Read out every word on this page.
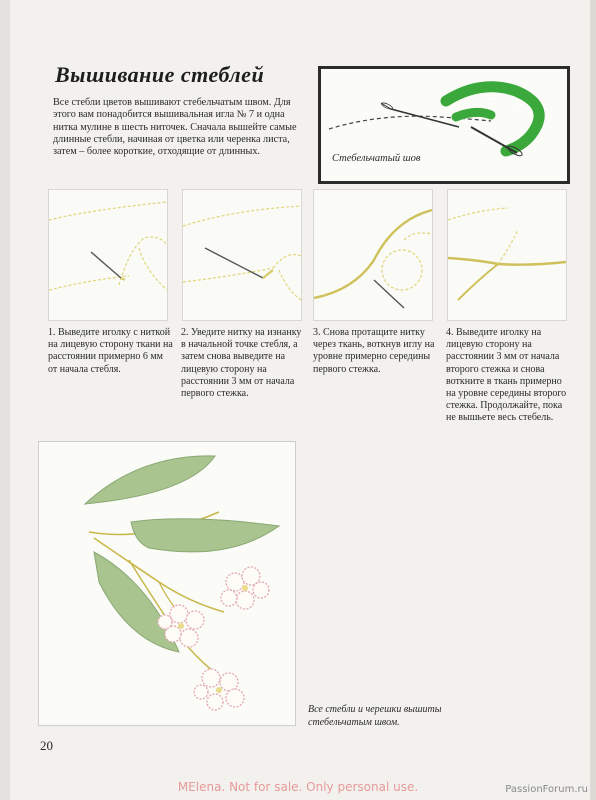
Вышивание стеблей
Все стебли цветов вышивают стебельчатым швом. Для этого вам понадобится вышивальная игла № 7 и одна нитка мулине в шесть ниточек. Сначала вышейте самые длинные стебли, начиная от цветка или черенка листа, затем – более короткие, отходящие от длинных.
Стебельчатый шов
1. Выведите иголку с ниткой на лицевую сторону ткани на расстоянии примерно 6 мм от начала стебля.
2. Уведите нитку на изнанку в начальной точке стебля, а затем снова выведите на лицевую сторону на расстоянии 3 мм от начала первого стежка.
3. Снова протащите нитку через ткань, воткнув иглу на уровне примерно середины первого стежка.
4. Выведите иголку на лицевую сторону на расстоянии 3 мм от начала второго стежка и снова воткните в ткань примерно на уровне середины второго стежка. Продолжайте, пока не вышьете весь стебель.
Все стебли и черешки вышиты стебельчатым швом.
20
MElena. Not for sale. Only personal use.	PassionForum.ru
